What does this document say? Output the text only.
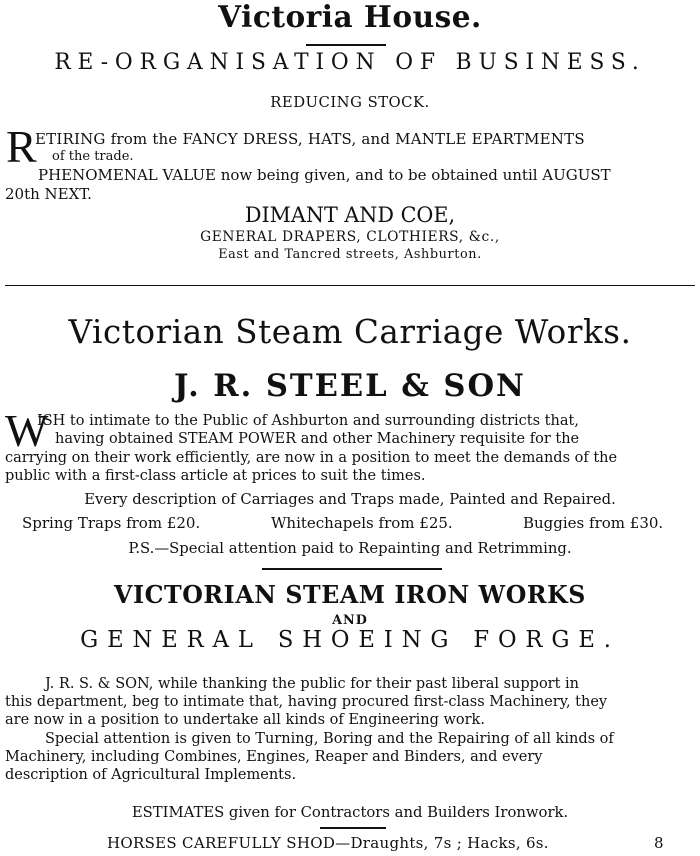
Victoria House.
RE-ORGANISATION OF BUSINESS.
REDUCING STOCK.
R
ETIRING from the FANCY DRESS, HATS, and MANTLE EPARTMENTS
of the trade.
PHENOMENAL VALUE now being given, and to be obtained until AUGUST
20th NEXT.
DIMANT AND COE,
GENERAL DRAPERS, CLOTHIERS, &c.,
East and Tancred streets, Ashburton.
Victorian Steam Carriage Works.
J. R. STEEL & SON
W
ISH to intimate to the Public of Ashburton and surrounding districts that,
having obtained STEAM POWER and other Machinery requisite for the
carrying on their work efficiently, are now in a position to meet the demands of the
public with a first-class article at prices to suit the times.
Every description of Carriages and Traps made, Painted and Repaired.
Spring Traps from £20.	Whitechapels from £25.	Buggies from £30.
P.S.—Special attention paid to Repainting and Retrimming.
VICTORIAN STEAM IRON WORKS
AND
GENERAL SHOEING FORGE.
J. R. S. & SON, while thanking the public for their past liberal support in
this department, beg to intimate that, having procured first-class Machinery, they
are now in a position to undertake all kinds of Engineering work.
Special attention is given to Turning, Boring and the Repairing of all kinds of
Machinery, including Combines, Engines, Reaper and Binders, and every
description of Agricultural Implements.
ESTIMATES given for Contractors and Builders Ironwork.
HORSES CAREFULLY SHOD—Draughts, 7s ; Hacks, 6s.	8
